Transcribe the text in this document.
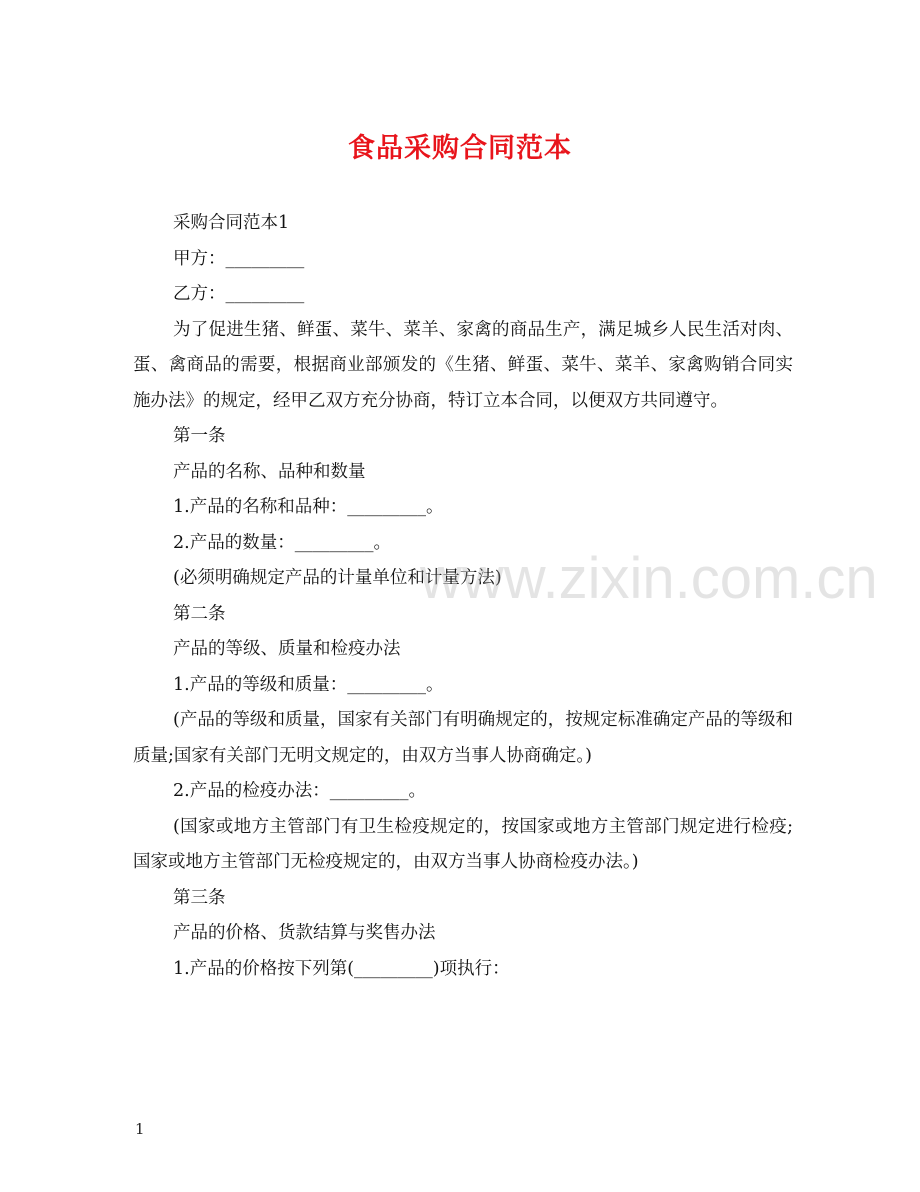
食品采购合同范本

采购合同范本1

甲方：_________

乙方：_________

为了促进生猪、鲜蛋、菜牛、菜羊、家禽的商品生产，满足城乡人民生活对肉、蛋、禽商品的需要，根据商业部颁发的《生猪、鲜蛋、菜牛、菜羊、家禽购销合同实施办法》的规定，经甲乙双方充分协商，特订立本合同，以便双方共同遵守。

第一条

产品的名称、品种和数量

1.产品的名称和品种：_________。

2.产品的数量：_________。

(必须明确规定产品的计量单位和计量方法)

第二条

产品的等级、质量和检疫办法

1.产品的等级和质量：_________。

(产品的等级和质量，国家有关部门有明确规定的，按规定标准确定产品的等级和质量;国家有关部门无明文规定的，由双方当事人协商确定。)

2.产品的检疫办法：_________。

(国家或地方主管部门有卫生检疫规定的，按国家或地方主管部门规定进行检疫;国家或地方主管部门无检疫规定的，由双方当事人协商检疫办法。)

第三条

产品的价格、货款结算与奖售办法

1.产品的价格按下列第(_________)项执行：

www.zixin.com.cn
1
